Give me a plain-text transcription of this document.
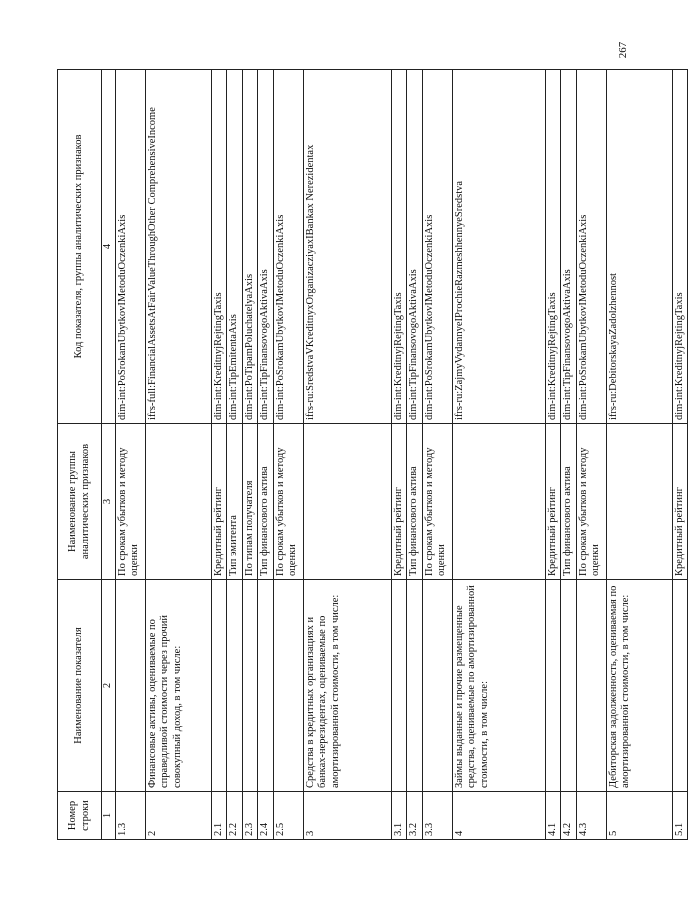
267
Номер строки	Наименование показателя	Наименование группы аналитических признаков	Код показателя, группы аналитических признаков
1	2	3	4
1.3		По срокам убытков и методу оценки	dim-int:PoSrokamUbytkovIMetoduOczenkiAxis
2	Финансовые активы, оцениваемые по справедливой стоимости через прочий совокупный доход, в том числе:		ifrs-full:FinancialAssetsAtFairValueThroughOther ComprehensiveIncome
2.1		Кредитный рейтинг	dim-int:KreditnyjRejtingTaxis
2.2		Тип эмитента	dim-int:TipEmitentaAxis
2.3		По типам получателя	dim-int:PoTipamPoluchatelyaAxis
2.4		Тип финансового актива	dim-int:TipFinansovogoAktivaAxis
2.5		По срокам убытков и методу оценки	dim-int:PoSrokamUbytkovIMetoduOczenkiAxis
3	Средства в кредитных организациях и банках-нерезидентах, оцениваемые по амортизированной стоимости, в том числе:		ifrs-ru:SredstvaVKreditnyxOrganizacziyaxIBankax Nerezidentax
3.1		Кредитный рейтинг	dim-int:KreditnyjRejtingTaxis
3.2		Тип финансового актива	dim-int:TipFinansovogoAktivaAxis
3.3		По срокам убытков и методу оценки	dim-int:PoSrokamUbytkovIMetoduOczenkiAxis
4	Займы выданные и прочие размещенные средства, оцениваемые по амортизированной стоимости, в том числе:		ifrs-ru:ZajmyVydannyeIProchieRazmeshhennyeSredstva
4.1		Кредитный рейтинг	dim-int:KreditnyjRejtingTaxis
4.2		Тип финансового актива	dim-int:TipFinansovogoAktivaAxis
4.3		По срокам убытков и методу оценки	dim-int:PoSrokamUbytkovIMetoduOczenkiAxis
5	Дебиторская задолженность, оцениваемая по амортизированной стоимости, в том числе:		ifrs-ru:DebitorskayaZadolzhennost
5.1		Кредитный рейтинг	dim-int:KreditnyjRejtingTaxis
